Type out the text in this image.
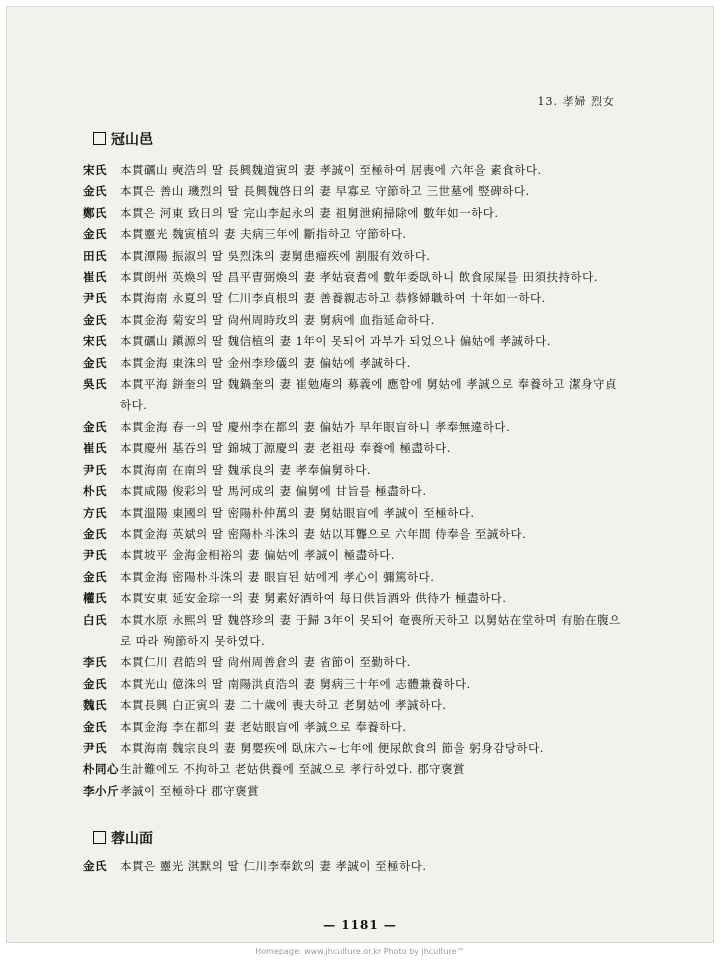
13. 孝婦 烈女
冠山邑
宋氏	本貫礪山 奭浩의 딸 長興魏道寅의 妻 孝誠이 至極하여 居喪에 六年을 素食하다.
金氏	本貫은 善山 璣烈의 딸 長興魏啓日의 妻 早寡로 守節하고 三世墓에 竪碑하다.
鄭氏	本貫은 河東 致日의 딸 完山李起永의 妻 祖舅泄痢掃除에 數年如一하다.
金氏	本貫靈光 魏寅植의 妻 夫病三年에 斷指하고 守節하다.
田氏	本貫潭陽 振淑의 딸 吳烈洙의 妻舅患瘤疾에 割服有效하다.
崔氏	本貫朗州 英煥의 딸 昌平曺弼煥의 妻 孝姑衰耆에 數年委臥하니 飲食尿屎를 田須扶持하다.
尹氏	本貫海南 永夏의 딸 仁川李貞根의 妻 善養親志하고 恭修婦職하여 十年如一하다.
金氏	本貫金海 菊安의 딸 尙州周時玫의 妻 舅病에 血指延命하다.
宋氏	本貫礪山 鎭源의 딸 魏信植의 妻 1年이 못되어 과부가 되었으나 偏姑에 孝誠하다.
金氏	本貫金海 東洙의 딸 金州李珍儀의 妻 偏姑에 孝誠하다.
吳氏	本貫平海 鉼奎의 딸 魏鍋奎의 妻 崔勉庵의 募義에 應함에 舅姑에 孝誠으로 奉養하고 潔身守貞하다.
金氏	本貫金海 春一의 딸 慶州李在都의 妻 偏姑가 早年眼盲하니 孝奉無違하다.
崔氏	本貫慶州 基吞의 딸 錦城丁源慶의 妻 老祖母 奉養에 極盡하다.
尹氏	本貫海南 在南의 딸 魏承良의 妻 孝奉偏舅하다.
朴氏	本貫咸陽 俊彩의 딸 馬河成의 妻 偏舅에 甘旨를 極盡하다.
方氏	本貫溫陽 東國의 딸 密陽朴仲萬의 妻 舅姑眼盲에 孝誠이 至極하다.
金氏	本貫金海 英斌의 딸 密陽朴斗洙의 妻 姑以耳聾으로 六年間 侍奉을 至誠하다.
尹氏	本貫坡平 金海金相裕의 妻 偏姑에 孝誠이 極盡하다.
金氏	本貫金海 密陽朴斗洙의 妻 眼盲된 姑에게 孝心이 彌篤하다.
權氏	本貫安東 延安金琮一의 妻 舅素好酒하여 每日供旨酒와 供待가 極盡하다.
白氏	本貫水原 永熙의 딸 魏啓珍의 妻 于歸 3年이 못되어 奄喪所天하고 以舅姑在堂하며 有胎在腹으로 따라 殉節하지 못하였다.
李氏	本貫仁川 君皓의 딸 尙州周善倉의 妻 省節이 至勤하다.
金氏	本貫光山 億洙의 딸 南陽洪貞浩의 妻 舅病三十年에 志體兼養하다.
魏氏	本貫長興 白正寅의 妻 二十歲에 喪夫하고 老舅姑에 孝誠하다.
金氏	本貫金海 李在都의 妻 老姑眼盲에 孝誠으로 奉養하다.
尹氏	本貫海南 魏宗良의 妻 舅嬰疾에 臥床六~七年에 便尿飲食의 節을 躬身감당하다.
朴同心 生計難에도 不拘하고 老姑供養에 至誠으로 孝行하였다. 郡守褒賞
李小斤 孝誠이 至極하다 郡守褒賞
蓉山面
金氏	本貫은 靈光 淇默의 딸 仁川李奉欽의 妻 孝誠이 至極하다.
— 1181 —
Homepage: www.jhculture.or.kr Photo by jhculture™
